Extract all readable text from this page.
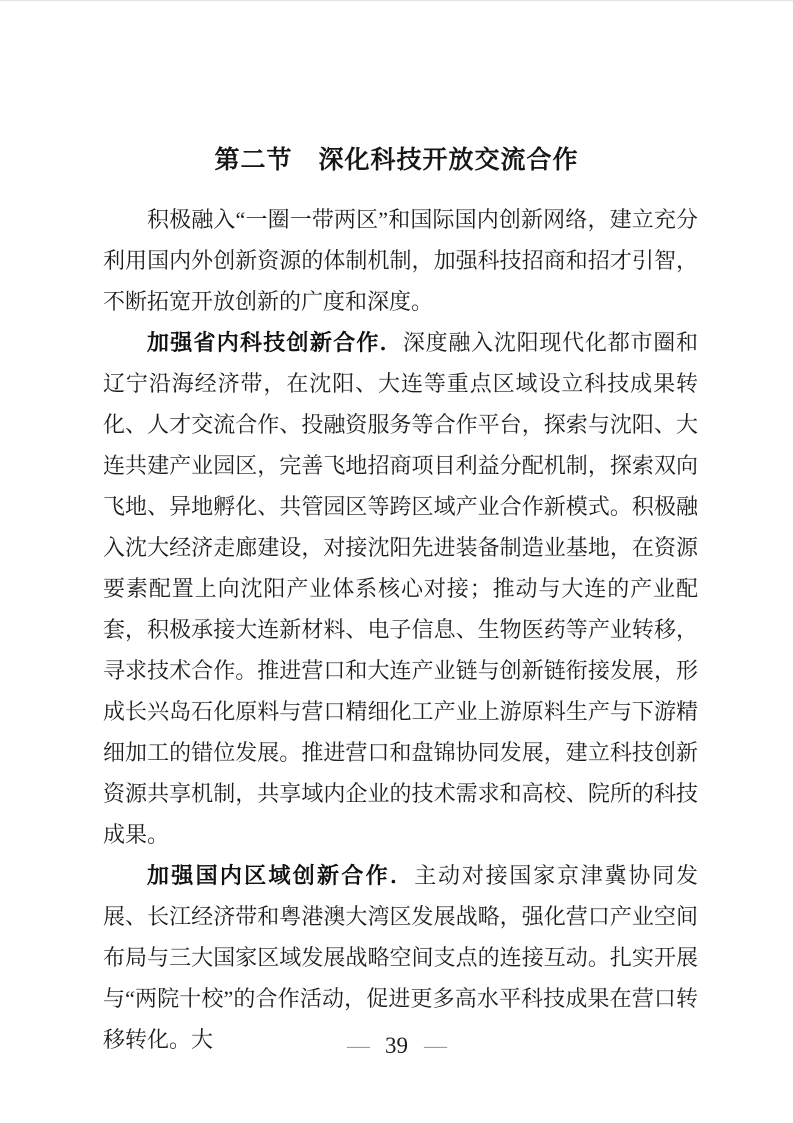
第二节　深化科技开放交流合作

积极融入“一圈一带两区”和国际国内创新网络，建立充分利用国内外创新资源的体制机制，加强科技招商和招才引智，不断拓宽开放创新的广度和深度。

加强省内科技创新合作．深度融入沈阳现代化都市圈和辽宁沿海经济带，在沈阳、大连等重点区域设立科技成果转化、人才交流合作、投融资服务等合作平台，探索与沈阳、大连共建产业园区，完善飞地招商项目利益分配机制，探索双向飞地、异地孵化、共管园区等跨区域产业合作新模式。积极融入沈大经济走廊建设，对接沈阳先进装备制造业基地，在资源要素配置上向沈阳产业体系核心对接；推动与大连的产业配套，积极承接大连新材料、电子信息、生物医药等产业转移，寻求技术合作。推进营口和大连产业链与创新链衔接发展，形成长兴岛石化原料与营口精细化工产业上游原料生产与下游精细加工的错位发展。推进营口和盘锦协同发展，建立科技创新资源共享机制，共享域内企业的技术需求和高校、院所的科技成果。

加强国内区域创新合作．主动对接国家京津冀协同发展、长江经济带和粤港澳大湾区发展战略，强化营口产业空间布局与三大国家区域发展战略空间支点的连接互动。扎实开展与“两院十校”的合作活动，促进更多高水平科技成果在营口转移转化。大	— 39 —
